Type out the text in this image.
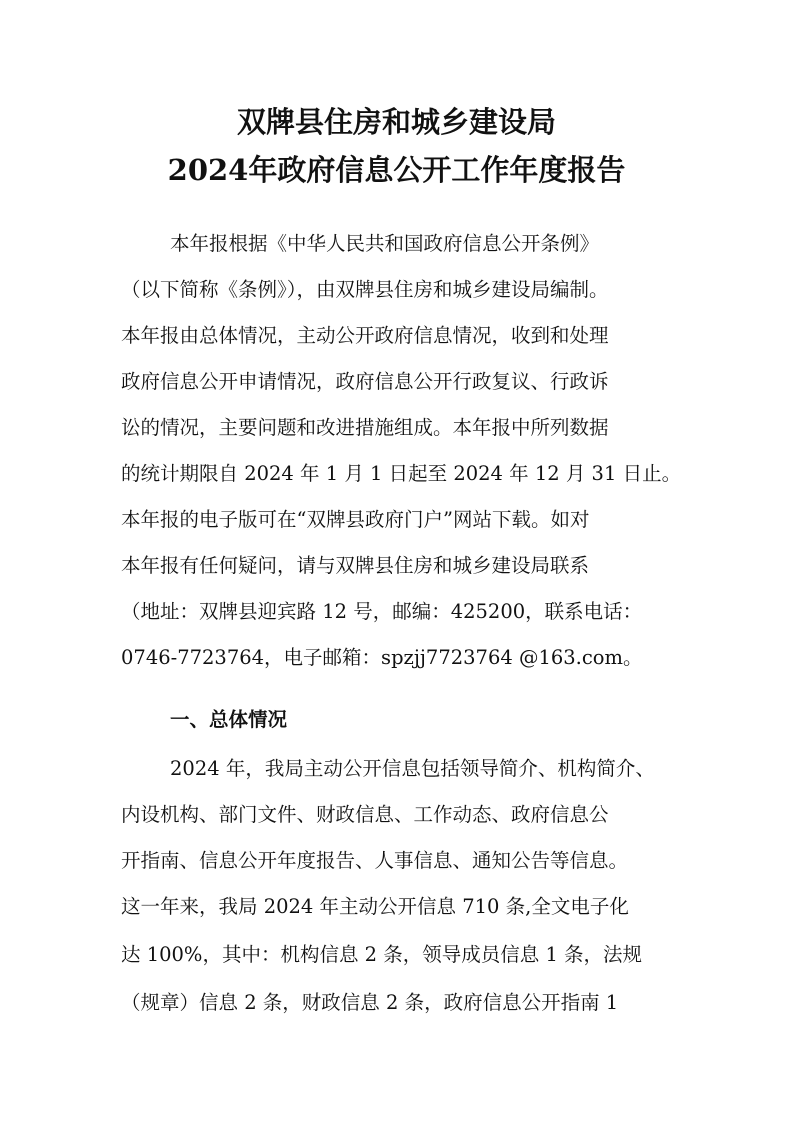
双牌县住房和城乡建设局
2024年政府信息公开工作年度报告

本年报根据《中华人民共和国政府信息公开条例》

（以下简称《条例》），由双牌县住房和城乡建设局编制。

本年报由总体情况，主动公开政府信息情况，收到和处理

政府信息公开申请情况，政府信息公开行政复议、行政诉

讼的情况，主要问题和改进措施组成。本年报中所列数据

的统计期限自 2024 年 1 月 1 日起至 2024 年 12 月 31 日止。

本年报的电子版可在“双牌县政府门户”网站下载。如对

本年报有任何疑问，请与双牌县住房和城乡建设局联系

（地址：双牌县迎宾路 12 号，邮编：425200，联系电话：

0746-7723764，电子邮箱：spzjj7723764 @163.com。

一、总体情况

2024 年，我局主动公开信息包括领导简介、机构简介、

内设机构、部门文件、财政信息、工作动态、政府信息公

开指南、信息公开年度报告、人事信息、通知公告等信息。

这一年来，我局 2024 年主动公开信息 710 条,全文电子化

达 100%，其中：机构信息 2 条，领导成员信息 1 条，法规

（规章）信息 2 条，财政信息 2 条，政府信息公开指南 1
